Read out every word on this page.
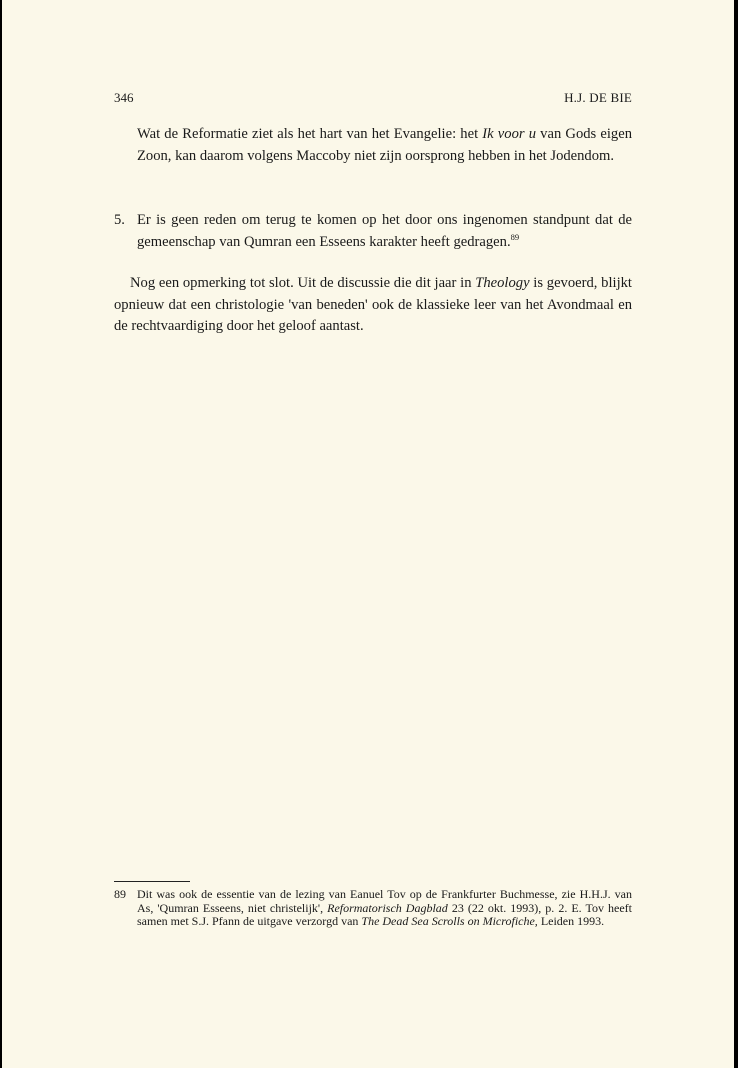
346	H.J. DE BIE
Wat de Reformatie ziet als het hart van het Evangelie: het Ik voor u van Gods eigen Zoon, kan daarom volgens Maccoby niet zijn oorsprong hebben in het Jodendom.
5. Er is geen reden om terug te komen op het door ons ingenomen standpunt dat de gemeenschap van Qumran een Esseens karakter heeft gedragen.$^{89}$
Nog een opmerking tot slot. Uit de discussie die dit jaar in Theology is gevoerd, blijkt opnieuw dat een christologie 'van beneden' ook de klassieke leer van het Avondmaal en de rechtvaardiging door het geloof aantast.
89 Dit was ook de essentie van de lezing van Eanuel Tov op de Frankfurter Buchmesse, zie H.H.J. van As, 'Qumran Esseens, niet christelijk', Reformatorisch Dagblad 23 (22 okt. 1993), p. 2. E. Tov heeft samen met S.J. Pfann de uitgave verzorgd van The Dead Sea Scrolls on Microfiche, Leiden 1993.
